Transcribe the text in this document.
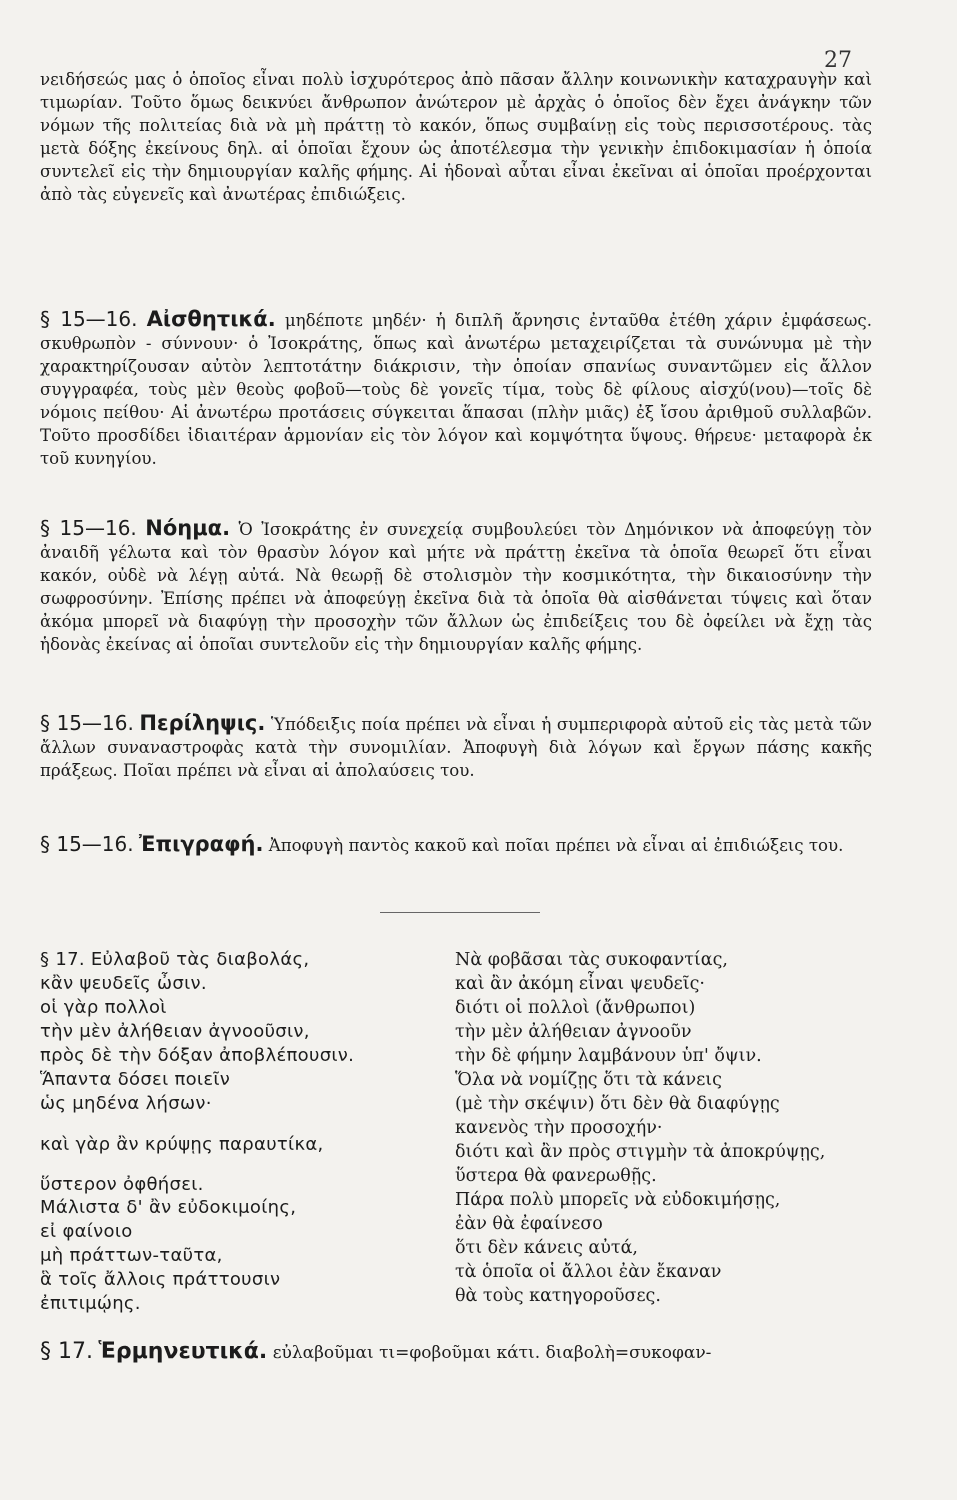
27

νειδήσεώς μας ὁ ὁποῖος εἶναι πολὺ ἰσχυρότερος ἀπὸ πᾶσαν ἄλλην κοινωνικὴν καταχραυγὴν καὶ τιμωρίαν. Τοῦτο ὅμως δεικνύει ἄνθρωπον ἀνώτερον μὲ ἀρχὰς ὁ ὁποῖος δὲν ἔχει ἀνάγκην τῶν νόμων τῆς πολιτείας διὰ νὰ μὴ πράττῃ τὸ κακόν, ὅπως συμβαίνῃ εἰς τοὺς περισσοτέρους. τὰς μετὰ δόξης ἐκείνους δηλ. αἱ ὁποῖαι ἔχουν ὡς ἀποτέλεσμα τὴν γενικὴν ἐπιδοκιμασίαν ἡ ὁποία συντελεῖ εἰς τὴν δημιουργίαν καλῆς φήμης. Αἱ ἡδοναὶ αὗται εἶναι ἐκεῖναι αἱ ὁποῖαι προέρχονται ἀπὸ τὰς εὐγενεῖς καὶ ἀνωτέρας ἐπιδιώξεις.

§ 15—16. Αἰσθητικά. μηδέποτε μηδέν· ἡ διπλῆ ἄρνησις ἐνταῦθα ἐτέθη χάριν ἐμφάσεως. σκυθρωπὸν - σύννουν· ὁ Ἰσοκράτης, ὅπως καὶ ἀνωτέρω μεταχειρίζεται τὰ συνώνυμα μὲ τὴν χαρακτηρίζουσαν αὐτὸν λεπτοτάτην διάκρισιν, τὴν ὁποίαν σπανίως συναντῶμεν εἰς ἄλλον συγγραφέα, τοὺς μὲν θεοὺς φοβοῦ—τοὺς δὲ γονεῖς τίμα, τοὺς δὲ φίλους αἰσχύ(νου)—τοῖς δὲ νόμοις πείθου· Αἱ ἀνωτέρω προτάσεις σύγκειται ἅπασαι (πλὴν μιᾶς) ἐξ ἴσου ἀριθμοῦ συλλαβῶν. Τοῦτο προσδίδει ἰδιαιτέραν ἁρμονίαν εἰς τὸν λόγον καὶ κομψότητα ὕψους. θήρευε· μεταφορὰ ἐκ τοῦ κυνηγίου.

§ 15—16. Νόημα. Ὁ Ἰσοκράτης ἐν συνεχείᾳ συμβουλεύει τὸν Δημόνικον νὰ ἀποφεύγῃ τὸν ἀναιδῆ γέλωτα καὶ τὸν θρασὺν λόγον καὶ μήτε νὰ πράττῃ ἐκεῖνα τὰ ὁποῖα θεωρεῖ ὅτι εἶναι κακόν, οὐδὲ νὰ λέγῃ αὐτά. Νὰ θεωρῇ δὲ στολισμὸν τὴν κοσμικότητα, τὴν δικαιοσύνην τὴν σωφροσύνην. Ἐπίσης πρέπει νὰ ἀποφεύγῃ ἐκεῖνα διὰ τὰ ὁποῖα θὰ αἰσθάνεται τύψεις καὶ ὅταν ἀκόμα μπορεῖ νὰ διαφύγῃ τὴν προσοχὴν τῶν ἄλλων ὡς ἐπιδείξεις του δὲ ὀφείλει νὰ ἔχῃ τὰς ἡδονὰς ἐκείνας αἱ ὁποῖαι συντελοῦν εἰς τὴν δημιουργίαν καλῆς φήμης.

§ 15—16. Περίληψις. Ὑπόδειξις ποία πρέπει νὰ εἶναι ἡ συμπεριφορὰ αὐτοῦ εἰς τὰς μετὰ τῶν ἄλλων συναναστροφὰς κατὰ τὴν συνομιλίαν. Ἀποφυγὴ διὰ λόγων καὶ ἔργων πάσης κακῆς πράξεως. Ποῖαι πρέπει νὰ εἶναι αἱ ἀπολαύσεις του.

§ 15—16. Ἐπιγραφή. Ἀποφυγὴ παντὸς κακοῦ καὶ ποῖαι πρέπει νὰ εἶναι αἱ ἐπιδιώξεις του.

§ 17. Εὐλαβοῦ τὰς διαβολάς,
κἂν ψευδεῖς ὦσιν.
οἱ γὰρ πολλοὶ
τὴν μὲν ἀλήθειαν ἀγνοοῦσιν,
πρὸς δὲ τὴν δόξαν ἀποβλέπουσιν.
Ἅπαντα δόσει ποιεῖν
ὡς μηδένα λήσων·
καὶ γὰρ ἂν κρύψῃς παραυτίκα,
ὕστερον ὀφθήσει.
Μάλιστα δ' ἂν εὐδοκιμοίης,
εἰ φαίνοιο
μὴ πράττων-ταῦτα,
ἃ τοῖς ἄλλοις πράττουσιν
ἐπιτιμῴης.
Νὰ φοβᾶσαι τὰς συκοφαντίας,
καὶ ἂν ἀκόμη εἶναι ψευδεῖς·
διότι οἱ πολλοὶ (ἄνθρωποι)
τὴν μὲν ἀλήθειαν ἀγνοοῦν
τὴν δὲ φήμην λαμβάνουν ὑπ' ὄψιν.
Ὅλα νὰ νομίζῃς ὅτι τὰ κάνεις
(μὲ τὴν σκέψιν) ὅτι δὲν θὰ διαφύγῃς
κανενὸς τὴν προσοχήν·
διότι καὶ ἂν πρὸς στιγμὴν τὰ ἀποκρύψῃς,
ὕστερα θὰ φανερωθῇς.
Πάρα πολὺ μπορεῖς νὰ εὐδοκιμήσῃς,
ἐὰν θὰ ἐφαίνεσο
ὅτι δὲν κάνεις αὐτά,
τὰ ὁποῖα οἱ ἄλλοι ἐὰν ἔκαναν
θὰ τοὺς κατηγοροῦσες.

§ 17. Ἑρμηνευτικά. εὐλαβοῦμαι τι=φοβοῦμαι κάτι. διαβολὴ=συκοφαν-
